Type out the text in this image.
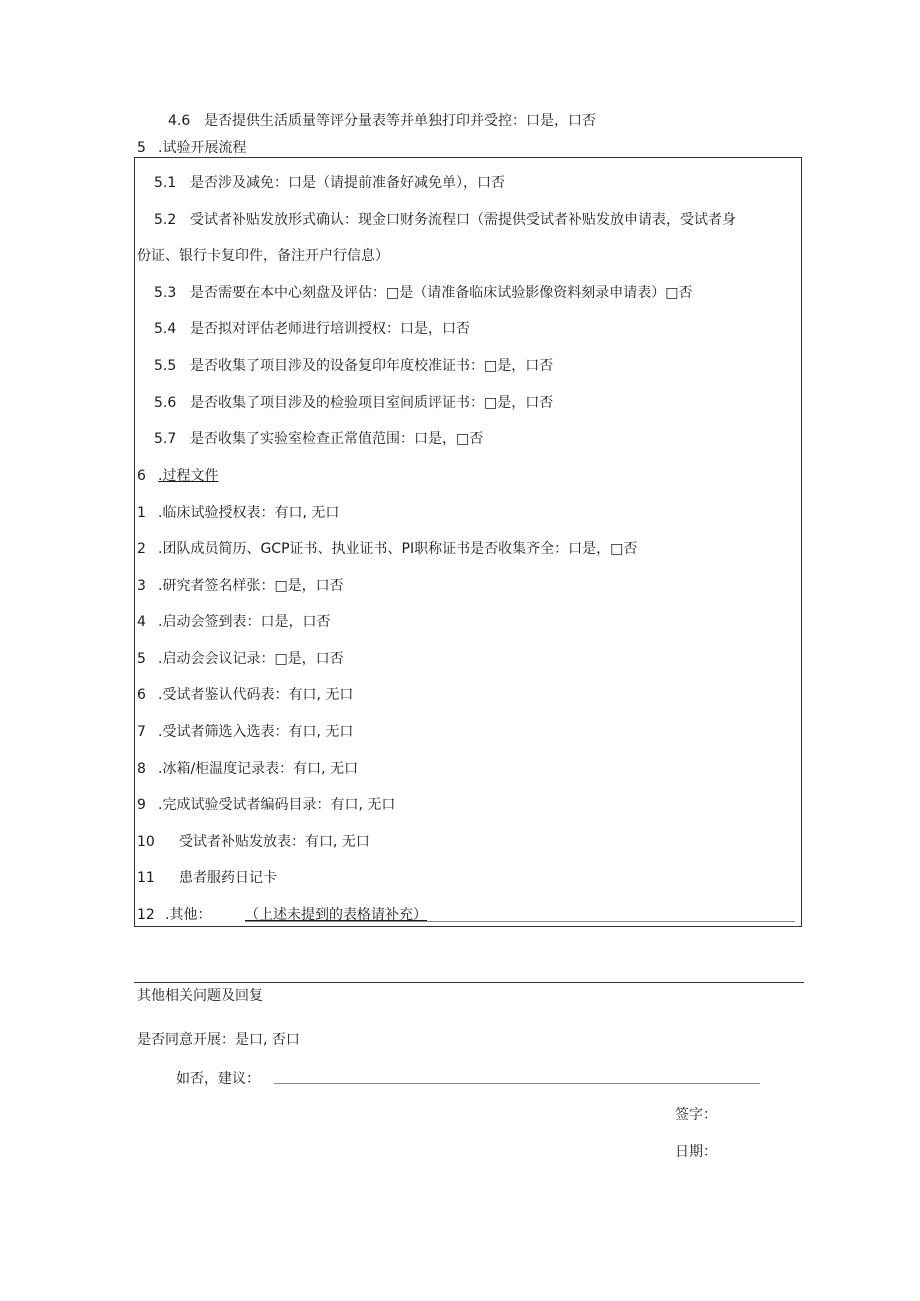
4.6 是否提供生活质量等评分量表等并单独打印并受控：口是，口否
5 .试验开展流程
5.1 是否涉及减免：口是（请提前准备好减免单），口否
5.2 受试者补贴发放形式确认：现金口财务流程口（需提供受试者补贴发放申请表，受试者身
份证、银行卡复印件，备注开户行信息）
5.3 是否需要在本中心刻盘及评估：□是（请准备临床试验影像资料刻录申请表）□否
5.4 是否拟对评估老师进行培训授权：口是，口否
5.5 是否收集了项目涉及的设备复印年度校准证书：□是，口否
5.6 是否收集了项目涉及的检验项目室间质评证书：□是，口否
5.7 是否收集了实验室检查正常值范围：口是，□否
6 .过程文件
1 .临床试验授权表：有口, 无口
2 .团队成员简历、GCP证书、执业证书、PI职称证书是否收集齐全：口是，□否
3 .研究者签名样张：□是，口否
4 .启动会签到表：口是，口否
5 .启动会会议记录：□是，口否
6 .受试者鉴认代码表：有口, 无口
7 .受试者筛选入选表：有口, 无口
8 .冰箱/柜温度记录表：有口, 无口
9 .完成试验受试者编码目录：有口, 无口
10 受试者补贴发放表：有口, 无口
11 患者服药日记卡
12 .其他： （上述未提到的表格请补充）
其他相关问题及回复
是否同意开展：是口, 否口
如否，建议：
签字：
日期：
